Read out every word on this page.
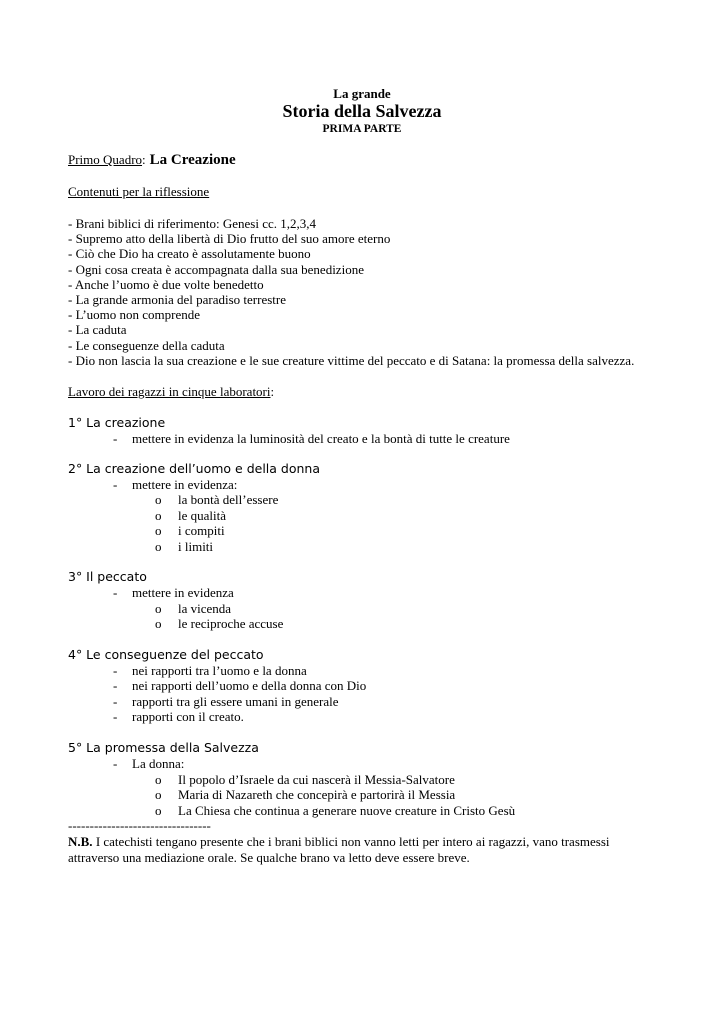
La grande
Storia della Salvezza
PRIMA PARTE
Primo Quadro: La Creazione
Contenuti per la riflessione
- Brani biblici di riferimento: Genesi cc. 1,2,3,4
- Supremo atto della libertà di Dio frutto del suo amore eterno
- Ciò che Dio ha creato è assolutamente buono
- Ogni cosa creata è accompagnata dalla sua benedizione
- Anche l’uomo è due volte benedetto
- La grande armonia del paradiso terrestre
- L’uomo non comprende
- La caduta
- Le conseguenze della caduta
- Dio non lascia la sua creazione e le sue creature vittime del peccato e di Satana: la promessa della salvezza.
Lavoro dei ragazzi in cinque laboratori:
1° La creazione
- mettere in evidenza la luminosità del creato e la bontà di tutte le creature
2° La creazione dell’uomo e della donna
- mettere in evidenza:
o la bontà dell’essere
o le qualità
o i compiti
o i limiti
3° Il peccato
- mettere in evidenza
o la vicenda
o le reciproche accuse
4° Le conseguenze del peccato
- nei rapporti tra l’uomo e la donna
- nei rapporti dell’uomo e della donna con Dio
- rapporti tra gli essere umani in generale
- rapporti con il creato.
5° La promessa della Salvezza
- La donna:
o Il popolo d’Israele da cui nascerà il Messia-Salvatore
o Maria di Nazareth che concepirà e partorirà il Messia
o La Chiesa che continua a generare nuove creature in Cristo Gesù
---------------------------------
N.B. I catechisti tengano presente che i brani biblici non vanno letti per intero ai ragazzi, vano trasmessi
attraverso una mediazione orale. Se qualche brano va letto deve essere breve.
